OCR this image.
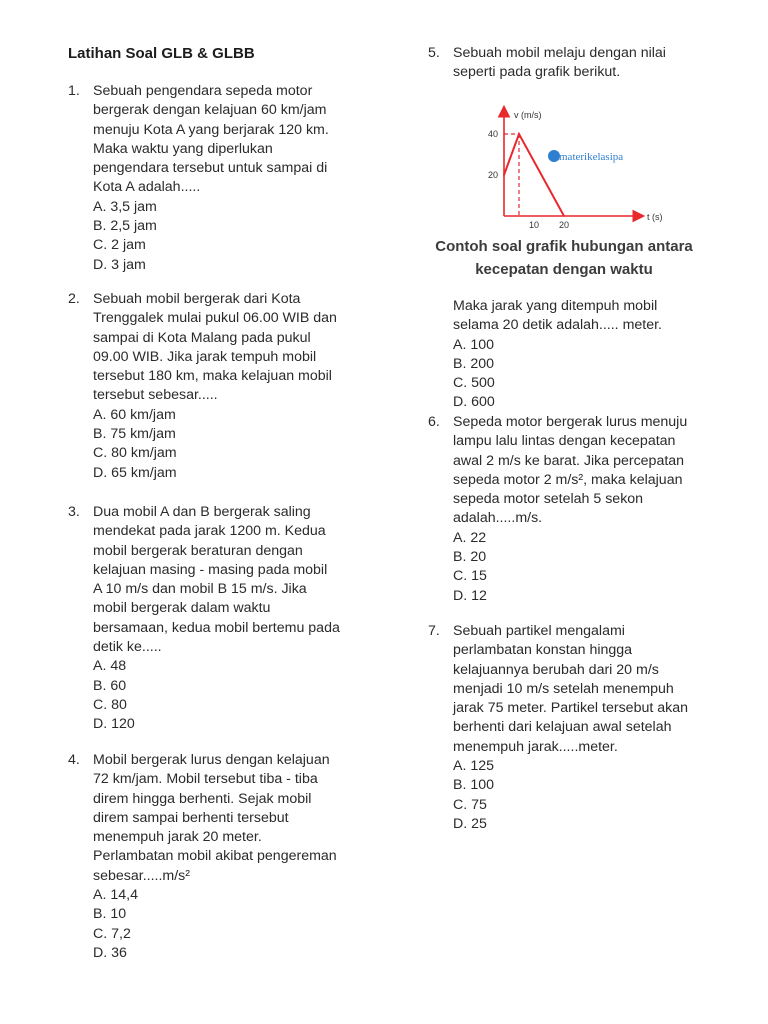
Latihan Soal GLB & GLBB
1. Sebuah pengendara sepeda motor
bergerak dengan kelajuan 60 km/jam
menuju Kota A yang berjarak 120 km.
Maka waktu yang diperlukan
pengendara tersebut untuk sampai di
Kota A adalah.....
A. 3,5 jam
B. 2,5 jam
C. 2 jam
D. 3 jam
2. Sebuah mobil bergerak dari Kota
Trenggalek mulai pukul 06.00 WIB dan
sampai di Kota Malang pada pukul
09.00 WIB. Jika jarak tempuh mobil
tersebut 180 km, maka kelajuan mobil
tersebut sebesar.....
A. 60 km/jam
B. 75 km/jam
C. 80 km/jam
D. 65 km/jam
3. Dua mobil A dan B bergerak saling
mendekat pada jarak 1200 m. Kedua
mobil bergerak beraturan dengan
kelajuan masing - masing pada mobil
A 10 m/s dan mobil B 15 m/s. Jika
mobil bergerak dalam waktu
bersamaan, kedua mobil bertemu pada
detik ke.....
A. 48
B. 60
C. 80
D. 120
4. Mobil bergerak lurus dengan kelajuan
72 km/jam. Mobil tersebut tiba - tiba
direm hingga berhenti. Sejak mobil
direm sampai berhenti tersebut
menempuh jarak 20 meter.
Perlambatan mobil akibat pengereman
sebesar.....m/s²
A. 14,4
B. 10
C. 7,2
D. 36
5. Sebuah mobil melaju dengan nilai
seperti pada grafik berikut.
v (m/s)
t (s)
40
20
10 20
materikelasipa
Contoh soal grafik hubungan antara kecepatan dengan waktu
Maka jarak yang ditempuh mobil
selama 20 detik adalah..... meter.
A. 100
B. 200
C. 500
D. 600
6. Sepeda motor bergerak lurus menuju
lampu lalu lintas dengan kecepatan
awal 2 m/s ke barat. Jika percepatan
sepeda motor 2 m/s², maka kelajuan
sepeda motor setelah 5 sekon
adalah.....m/s.
A. 22
B. 20
C. 15
D. 12
7. Sebuah partikel mengalami
perlambatan konstan hingga
kelajuannya berubah dari 20 m/s
menjadi 10 m/s setelah menempuh
jarak 75 meter. Partikel tersebut akan
berhenti dari kelajuan awal setelah
menempuh jarak.....meter.
A. 125
B. 100
C. 75
D. 25
